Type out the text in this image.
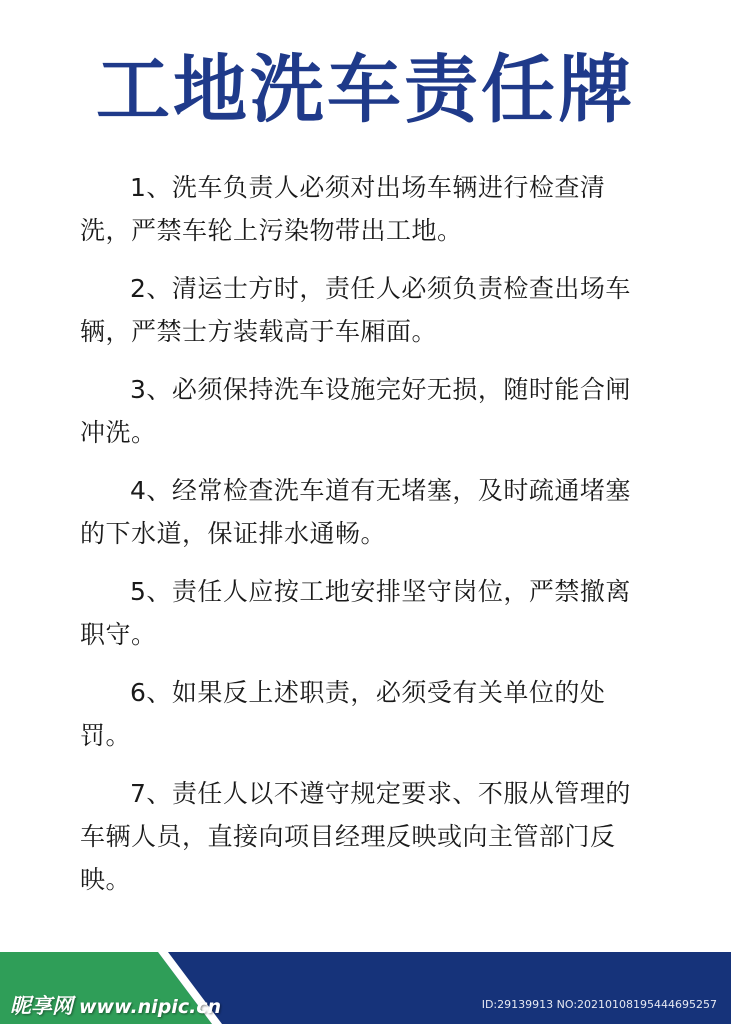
工地洗车责任牌
1、洗车负责人必须对出场车辆进行检查清洗，严禁车轮上污染物带出工地。
2、清运士方时，责任人必须负责检查出场车辆，严禁士方装载高于车厢面。
3、必须保持洗车设施完好无损，随时能合闸冲洗。
4、经常检查洗车道有无堵塞，及时疏通堵塞的下水道，保证排水通畅。
5、责任人应按工地安排坚守岗位，严禁撤离职守。
6、如果反上述职责，必须受有关单位的处罚。
7、责任人以不遵守规定要求、不服从管理的车辆人员，直接向项目经理反映或向主管部门反映。
昵享网 www.nipic.cn	ID:29139913 NO:20210108195444695257
